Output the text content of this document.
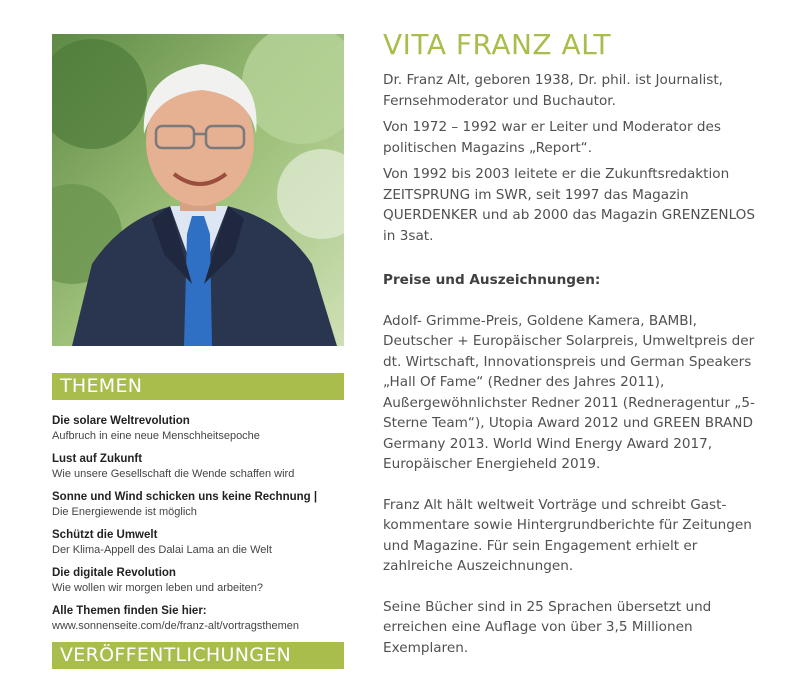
THEMEN
Die solare Weltrevolution
Aufbruch in eine neue Menschheitsepoche
Lust auf Zukunft
Wie unsere Gesellschaft die Wende schaffen wird
Sonne und Wind schicken uns keine Rechnung |
Die Energiewende ist möglich
Schützt die Umwelt
Der Klima-Appell des Dalai Lama an die Welt
Die digitale Revolution
Wie wollen wir morgen leben und arbeiten?
Alle Themen finden Sie hier:
www.sonnenseite.com/de/franz-alt/vortragsthemen
VERÖFFENTLICHUNGEN
VITA FRANZ ALT

Dr. Franz Alt, geboren 1938, Dr. phil. ist Journalist, Fernsehmoderator und Buchautor.

Von 1972 – 1992 war er Leiter und Moderator des politischen Magazins „Report“.

Von 1992 bis 2003 leitete er die Zukunftsredaktion ZEITSPRUNG im SWR, seit 1997 das Magazin QUERDENKER und ab 2000 das Magazin GRENZENLOS in 3sat.

Preise und Auszeichnungen:

Adolf- Grimme-Preis, Goldene Kamera, BAMBI, Deutscher + Europäischer Solarpreis, Umweltpreis der dt. Wirtschaft, Innovationspreis und German Speakers „Hall Of Fame“ (Redner des Jahres 2011), Außergewöhnlichster Redner 2011 (Rednеragentur „5-Sterne Team“), Utopia Award 2012 und GREEN BRAND Germany 2013. World Wind Energy Award 2017, Europäischer Energieheld 2019.

Franz Alt hält weltweit Vorträge und schreibt Gastkommentare sowie Hintergrundberichte für Zeitungen und Magazine. Für sein Engagement erhielt er zahlreiche Auszeichnungen.

Seine Bücher sind in 25 Sprachen übersetzt und erreichen eine Auflage von über 3,5 Millionen Exemplaren.
